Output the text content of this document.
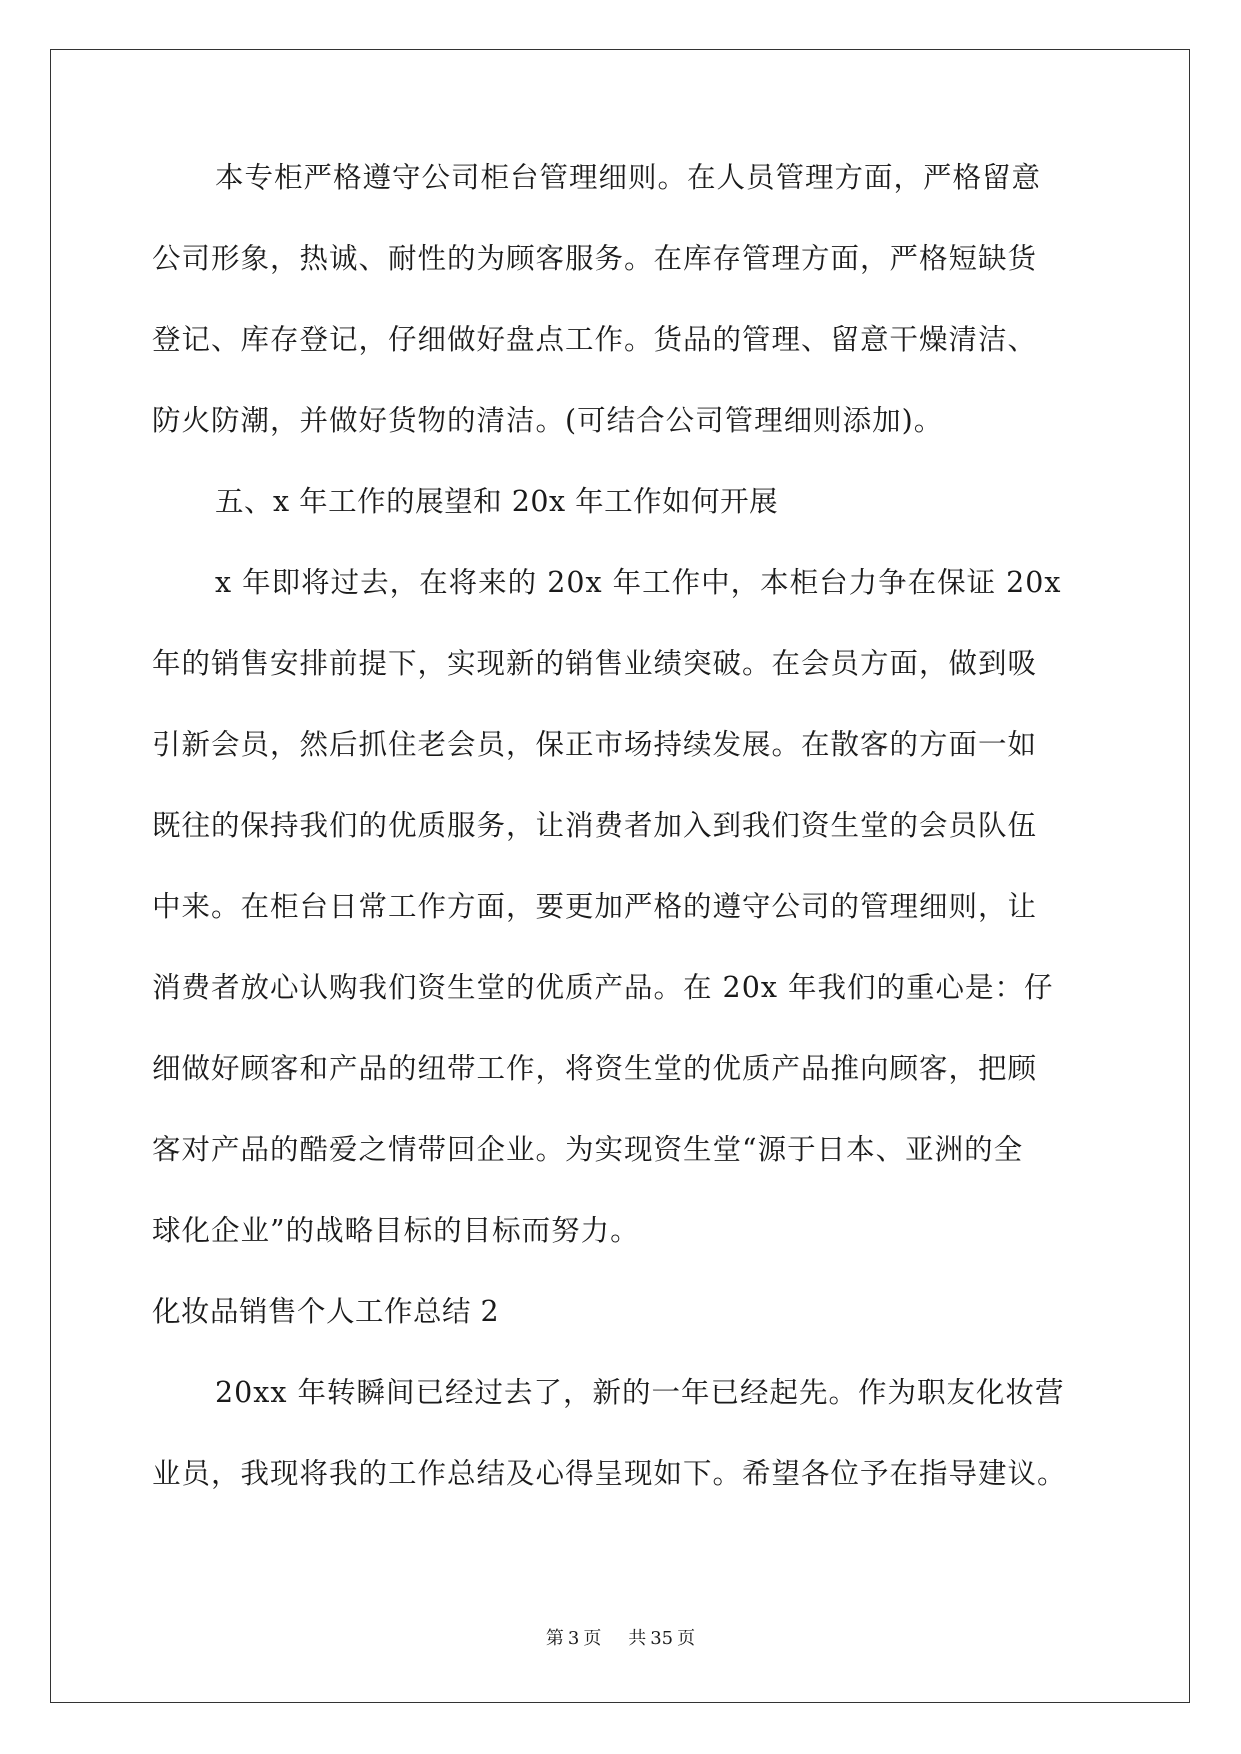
本专柜严格遵守公司柜台管理细则。在人员管理方面，严格留意
公司形象，热诚、耐性的为顾客服务。在库存管理方面，严格短缺货
登记、库存登记，仔细做好盘点工作。货品的管理、留意干燥清洁、
防火防潮，并做好货物的清洁。(可结合公司管理细则添加)。
五、x 年工作的展望和 20x 年工作如何开展
x 年即将过去，在将来的 20x 年工作中，本柜台力争在保证 20x
年的销售安排前提下，实现新的销售业绩突破。在会员方面，做到吸
引新会员，然后抓住老会员，保正市场持续发展。在散客的方面一如
既往的保持我们的优质服务，让消费者加入到我们资生堂的会员队伍
中来。在柜台日常工作方面，要更加严格的遵守公司的管理细则，让
消费者放心认购我们资生堂的优质产品。在 20x 年我们的重心是：仔
细做好顾客和产品的纽带工作，将资生堂的优质产品推向顾客，把顾
客对产品的酷爱之情带回企业。为实现资生堂“源于日本、亚洲的全
球化企业”的战略目标的目标而努力。
化妆品销售个人工作总结 2
20xx 年转瞬间已经过去了，新的一年已经起先。作为职友化妆营
业员，我现将我的工作总结及心得呈现如下。希望各位予在指导建议。
第 3 页 共 35 页
